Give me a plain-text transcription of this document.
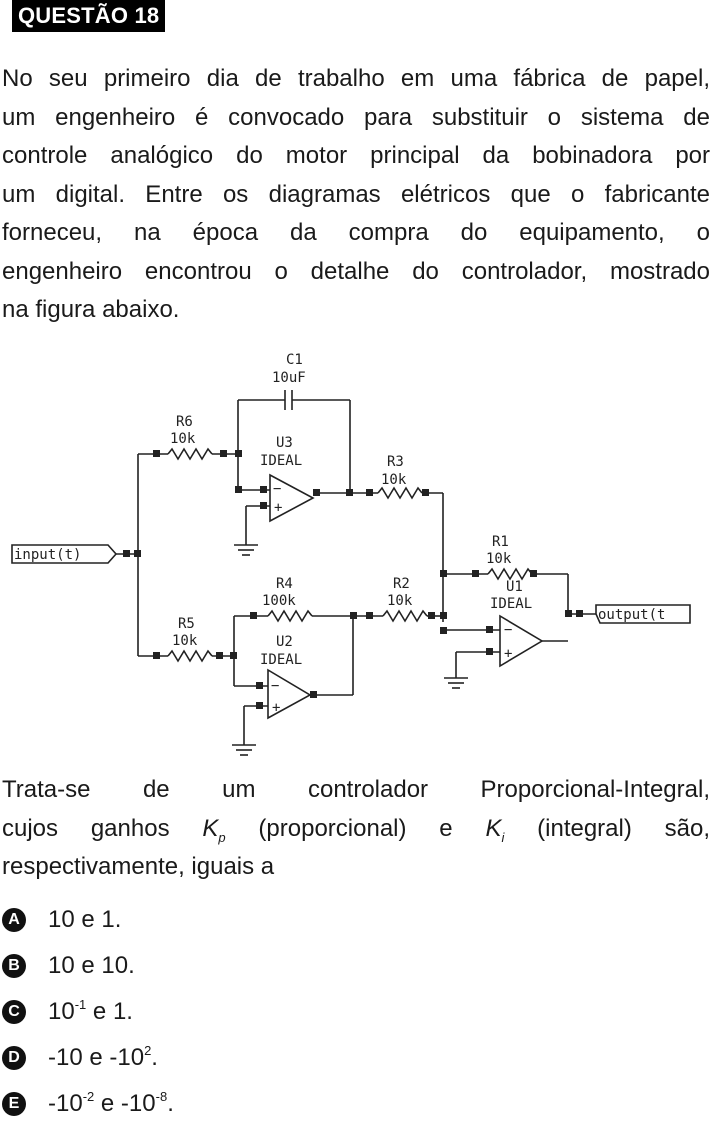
QUESTÃO 18
No seu primeiro dia de trabalho em uma fábrica de papel,
um engenheiro é convocado para substituir o sistema de
controle analógico do motor principal da bobinadora por
um digital. Entre os diagramas elétricos que o fabricante
forneceu, na época da compra do equipamento, o
engenheiro encontrou o detalhe do controlador, mostrado
na figura abaixo.
C1
10uF
R6
10k	U3
IDEAL
−
+
R3
10k
input(t)
R1
10k
U1
IDEAL
−
+
output(t
R4
100k
R2
10k
R5
10k	U2
IDEAL
−
+
Trata-se de um controlador Proporcional-Integral,
cujos ganhos $K_p$ (proporcional) e $K_i$ (integral) são,
respectivamente, iguais a
A 10 e 1.
B 10 e 10.
C $10^{-1}$ e 1.
D -10 e $-10^2$.
E $-10^{-2}$ e $-10^{-8}$.
